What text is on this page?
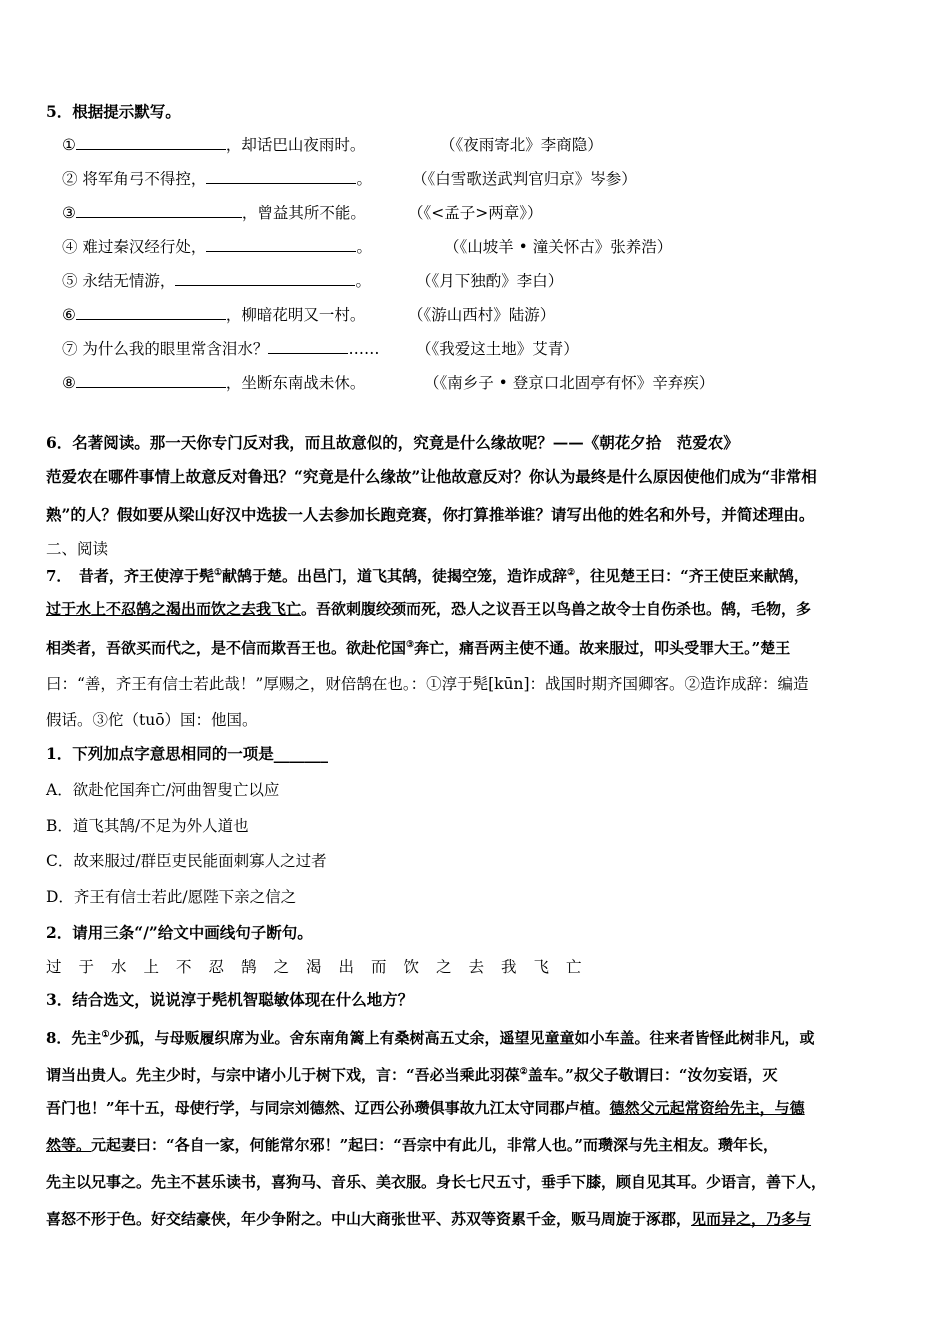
5．根据提示默写。
①	，却话巴山夜雨时。	（《夜雨寄北》李商隐）
② 将军角弓不得控，	。	（《白雪歌送武判官归京》岑参）
③	，曾益其所不能。	（《<孟子>两章》）
④ 难过秦汉经行处，	。	（《山坡羊 • 潼关怀古》张养浩）
⑤ 永结无情游，	。	（《月下独酌》李白）
⑥	，柳暗花明又一村。	（《游山西村》陆游）
⑦ 为什么我的眼里常含泪水？	…… （《我爱这土地》艾青）
⑧	，坐断东南战未休。	（《南乡子 • 登京口北固亭有怀》辛弃疾）
6．名著阅读。那一天你专门反对我，而且故意似的，究竟是什么缘故呢？——《朝花夕拾　范爱农》
范爱农在哪件事情上故意反对鲁迅？“究竟是什么缘故”让他故意反对？你认为最终是什么原因使他们成为“非常相
熟”的人？假如要从梁山好汉中选拔一人去参加长跑竞赛，你打算推举谁？请写出他的姓名和外号，并简述理由。
二、阅读
7．　昔者，齐王使淳于髡①献鹄于楚。出邑门，道飞其鹄，徒揭空笼，造诈成辞②，往见楚王曰：“齐王使臣来献鹄，
过于水上不忍鹄之渴出而饮之去我飞亡。吾欲刺腹绞颈而死，恐人之议吾王以鸟兽之故令士自伤杀也。鹄，毛物，多
相类者，吾欲买而代之，是不信而欺吾王也。欲赴佗国③奔亡，痛吾两主使不通。故来服过，叩头受罪大王。”楚王
曰：“善，齐王有信士若此哉！”厚赐之，财倍鹄在也。：①淳于髡[kūn]：战国时期齐国卿客。②造诈成辞：编造
假话。③佗（tuō）国：他国。
1．下列加点字意思相同的一项是_______
A．欲赴佗国奔亡/河曲智叟亡以应
B．道飞其鹄/不足为外人道也
C．故来服过/群臣吏民能面刺寡人之过者
D．齐王有信士若此/愿陛下亲之信之
2．请用三条“/”给文中画线句子断句。
过于水上不忍鹄之渴出而饮之去我飞亡
3．结合选文，说说淳于髡机智聪敏体现在什么地方？
8．先主①少孤，与母贩履织席为业。舍东南角篱上有桑树高五丈余，遥望见童童如小车盖。往来者皆怪此树非凡，或
谓当出贵人。先主少时，与宗中诸小儿于树下戏，言：“吾必当乘此羽葆②盖车。”叔父子敬谓曰：“汝勿妄语，灭
吾门也！”年十五，母使行学，与同宗刘德然、辽西公孙瓒俱事故九江太守同郡卢植。德然父元起常资给先主，与德
然等。元起妻曰：“各自一家，何能常尔邪！”起曰：“吾宗中有此儿，非常人也。”而瓒深与先主相友。瓒年长，
先主以兄事之。先主不甚乐读书，喜狗马、音乐、美衣服。身长七尺五寸，垂手下膝，顾自见其耳。少语言，善下人，
喜怒不形于色。好交结豪侠，年少争附之。中山大商张世平、苏双等资累千金，贩马周旋于涿郡，见而异之，乃多与
